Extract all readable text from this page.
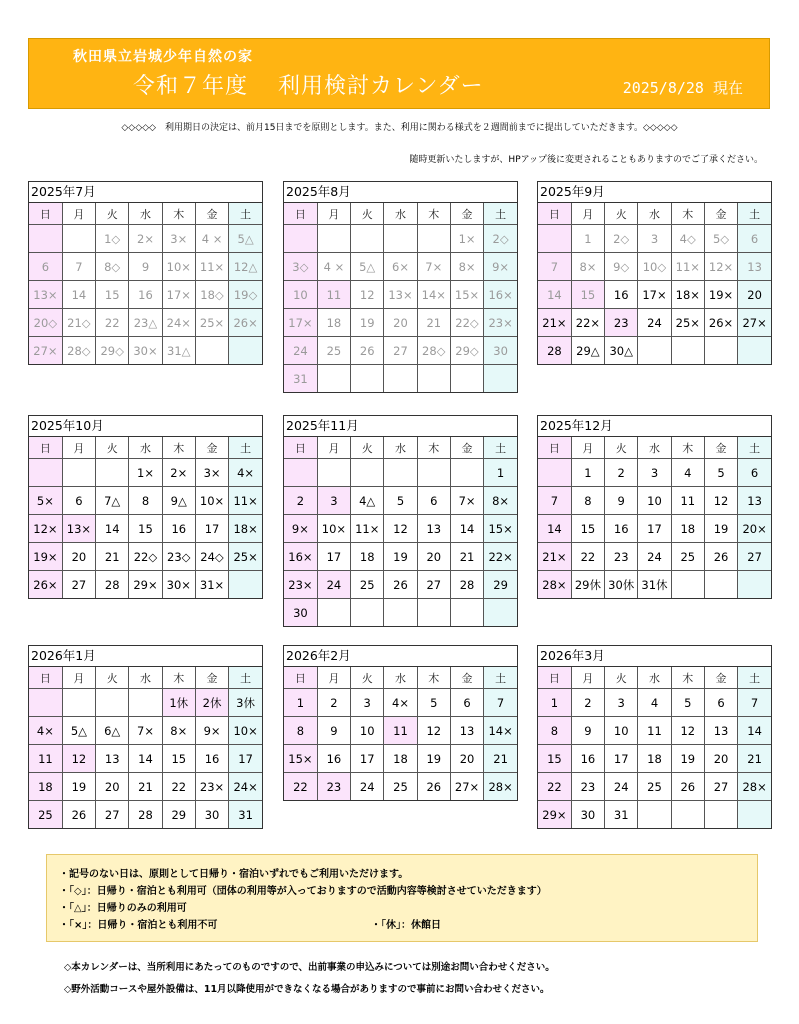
秋田県立岩城少年自然の家
令和７年度 利用検討カレンダー	2025/8/28 現在
◇◇◇◇◇　利用期日の決定は、前月15日までを原則とします。また、利用に関わる様式を２週間前までに提出していただきます。◇◇◇◇◇
随時更新いたしますが、HPアップ後に変更されることもありますのでご了承ください。
2025年7月
日	月	火	水	木	金	土
		1◇	2×	3×	4 ×	5△
6	7	8◇	9	10×	11×	12△
13×	14	15	16	17×	18◇	19◇
20◇	21◇	22	23△	24×	25×	26×
27×	28◇	29◇	30×	31△		
2025年8月
日	月	火	水	木	金	土
					1×	2◇
3◇	4 ×	5△	6×	7×	8×	9×
10	11	12	13×	14×	15×	16×
17×	18	19	20	21	22◇	23×
24	25	26	27	28◇	29◇	30
31						
2025年9月
日	月	火	水	木	金	土
	1	2◇	3	4◇	5◇	6
7	8×	9◇	10◇	11×	12×	13
14	15	16	17×	18×	19×	20
21×	22×	23	24	25×	26×	27×
28	29△	30△				
2025年10月
日	月	火	水	木	金	土
			1×	2×	3×	4×
5×	6	7△	8	9△	10×	11×
12×	13×	14	15	16	17	18×
19×	20	21	22◇	23◇	24◇	25×
26×	27	28	29×	30×	31×	
2025年11月
日	月	火	水	木	金	土
						1
2	3	4△	5	6	7×	8×
9×	10×	11×	12	13	14	15×
16×	17	18	19	20	21	22×
23×	24	25	26	27	28	29
30						
2025年12月
日	月	火	水	木	金	土
	1	2	3	4	5	6
7	8	9	10	11	12	13
14	15	16	17	18	19	20×
21×	22	23	24	25	26	27
28×	29休	30休	31休			
2026年1月
日	月	火	水	木	金	土
				1休	2休	3休
4×	5△	6△	7×	8×	9×	10×
11	12	13	14	15	16	17
18	19	20	21	22	23×	24×
25	26	27	28	29	30	31
2026年2月
日	月	火	水	木	金	土
1	2	3	4×	5	6	7
8	9	10	11	12	13	14×
15×	16	17	18	19	20	21
22	23	24	25	26	27×	28×
2026年3月
日	月	火	水	木	金	土
1	2	3	4	5	6	7
8	9	10	11	12	13	14
15	16	17	18	19	20	21
22	23	24	25	26	27	28×
29×	30	31				
・記号のない日は、原則として日帰り・宿泊いずれでもご利用いただけます。
・「◇」：日帰り・宿泊とも利用可（団体の利用等が入っておりますので活動内容等検討させていただきます）
・「△」：日帰りのみの利用可
・「×」：日帰り・宿泊とも利用不可	・「休」：休館日
◇本カレンダーは、当所利用にあたってのものですので、出前事業の申込みについては別途お問い合わせください。
◇野外活動コースや屋外設備は、11月以降使用ができなくなる場合がありますので事前にお問い合わせください。
